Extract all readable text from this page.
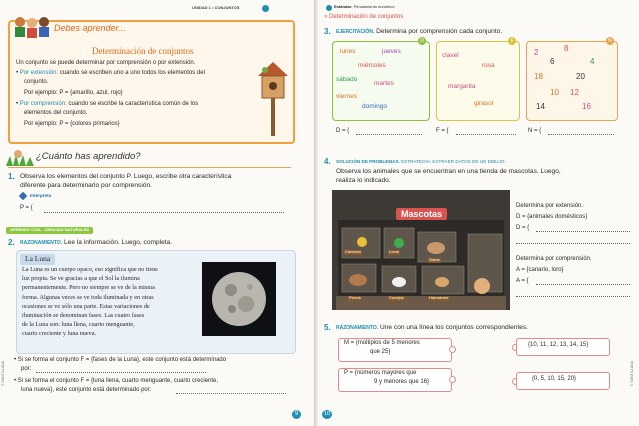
UNIDAD 1 • CONJUNTOS
Debes aprender...
Determinación de conjuntos
Un conjunto se puede determinar por comprensión o por extensión.
• Por extensión: cuando se escriben uno a uno todos los elementos del
conjunto.
Por ejemplo: P = {amarillo, azul, rojo}
• Por comprensión: cuando se escribe la característica común de los
elementos del conjunto.
Por ejemplo: P = {colores primarios}
¿Cuánto has aprendido?
1. Observa los elementos del conjunto P. Luego, escribe otra característica
diferente para determinarlo por comprensión.
Interpreta
P = {
APRENDO CON... CIENCIAS NATURALES
2. RAZONAMIENTO. Lee la información. Luego, completa.
La Luna
• Si se forma el conjunto F = {fases de la Luna}, este conjunto está determinado
por:
• Si se forma el conjunto F = {luna llena, cuarto menguante, cuarto creciente,
luna nueva}, este conjunto está determinado por:
9
© SANTILLANA
La Luna es un cuerpo opaco, eso significa que no tiene
luz propia. Se ve gracias a que el Sol la ilumina
permanentemente. Pero no siempre se ve de la misma
forma. Algunas veces se ve toda iluminada y en otras
ocasiones se ve sólo una parte. Estas variaciones de
iluminación se denominan fases. Las cuatro fases
de la Luna son: luna llena, cuarto menguante,
cuarto creciente y luna nueva.
Estándar: Pensamiento numérico
» Determinación de conjuntos
3. EJERCITACIÓN. Determina por comprensión cada conjunto.
D
lunes	jueves
miércoles
sábado
martes
viernes
domingo
D = {
F
clavel
rosa
margarita
girasol
F = {
N
2	8
6	4
18	20
10 12
14	16
N = {
4. SOLUCIÓN DE PROBLEMAS. ESTRATEGIA: EXTRAER DATOS DE UN DIBUJO.
Observa los animales que se encuentran en una tienda de mascotas. Luego,
realiza lo indicado.
Mascotas
Canarios	Loros
Gatos
Perros	Conejos	Hámsteres
Determina por extensión.
D = {animales domésticos}
D = {
Determina por comprensión.
A = {canario, loro}
A = {
5. RAZONAMIENTO. Une con una línea los conjuntos correspondientes.
M = {múltiplos de 5 menores
que 25}
P = {números mayores que
9 y menores que 16}
{10, 11, 12, 13, 14, 15}
{0, 5, 10, 15, 20}
10
© SANTILLANA
